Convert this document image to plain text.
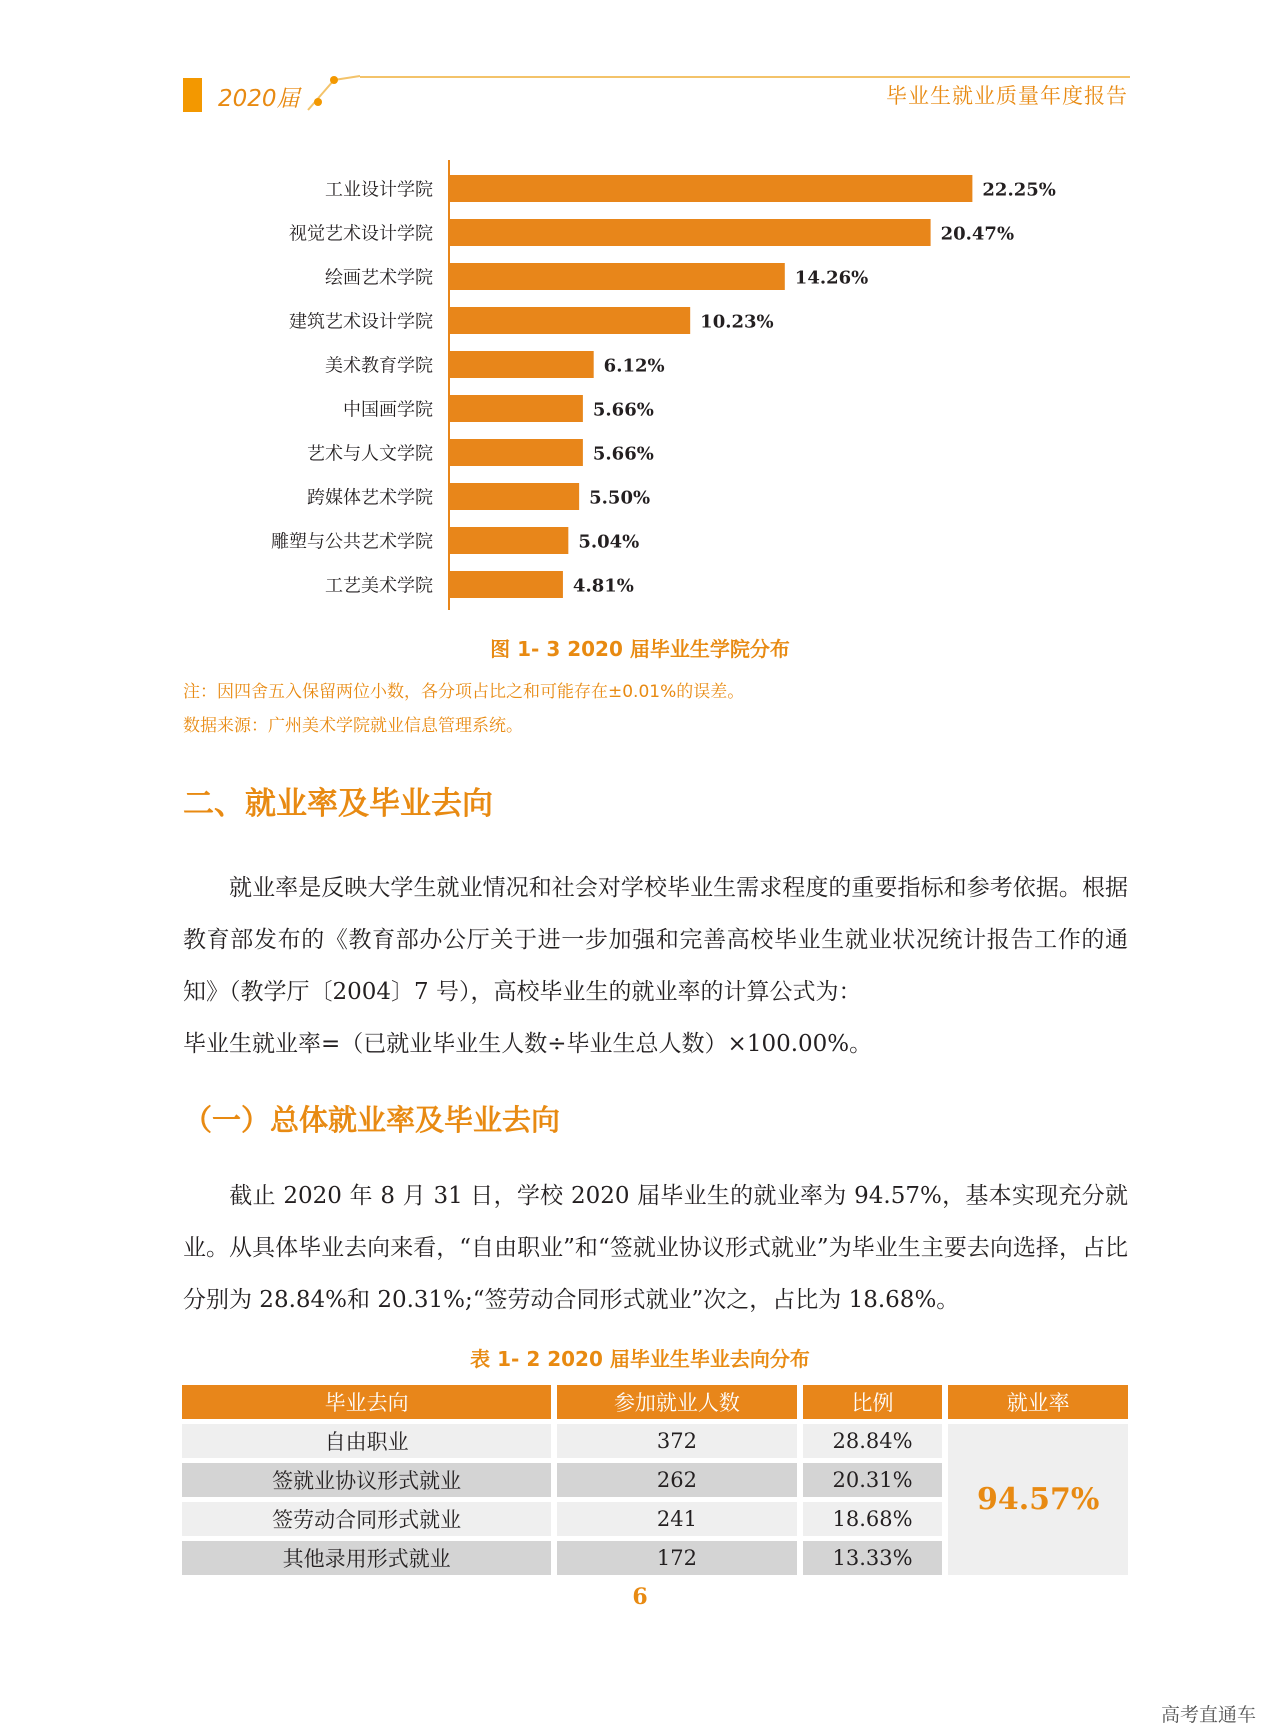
2020届	毕业生就业质量年度报告
工业设计学院	22.25%
视觉艺术设计学院	20.47%
绘画艺术学院	14.26%
建筑艺术设计学院	10.23%
美术教育学院	6.12%
中国画学院	5.66%
艺术与人文学院	5.66%
跨媒体艺术学院	5.50%
雕塑与公共艺术学院	5.04%
工艺美术学院	4.81%
图 1- 3 2020 届毕业生学院分布
注：因四舍五入保留两位小数，各分项占比之和可能存在±0.01%的误差。
数据来源：广州美术学院就业信息管理系统。
二、就业率及毕业去向

就业率是反映大学生就业情况和社会对学校毕业生需求程度的重要指标和参考依据。根据教育部发布的《教育部办公厅关于进一步加强和完善高校毕业生就业状况统计报告工作的通知》（教学厅〔2004〕7 号），高校毕业生的就业率的计算公式为：
毕业生就业率=（已就业毕业生人数÷毕业生总人数）×100.00%。

（一）总体就业率及毕业去向

截止 2020 年 8 月 31 日，学校 2020 届毕业生的就业率为 94.57%，基本实现充分就业。从具体毕业去向来看，“自由职业”和“签就业协议形式就业”为毕业生主要去向选择，占比分别为 28.84%和 20.31%;“签劳动合同形式就业”次之，占比为 18.68%。

表 1- 2 2020 届毕业生毕业去向分布
毕业去向	参加就业人数	比例	就业率
自由职业	372	28.84%	94.57%
签就业协议形式就业	262	20.31%	
签劳动合同形式就业	241	18.68%	
其他录用形式就业	172	13.33%	
6
高考直通车
